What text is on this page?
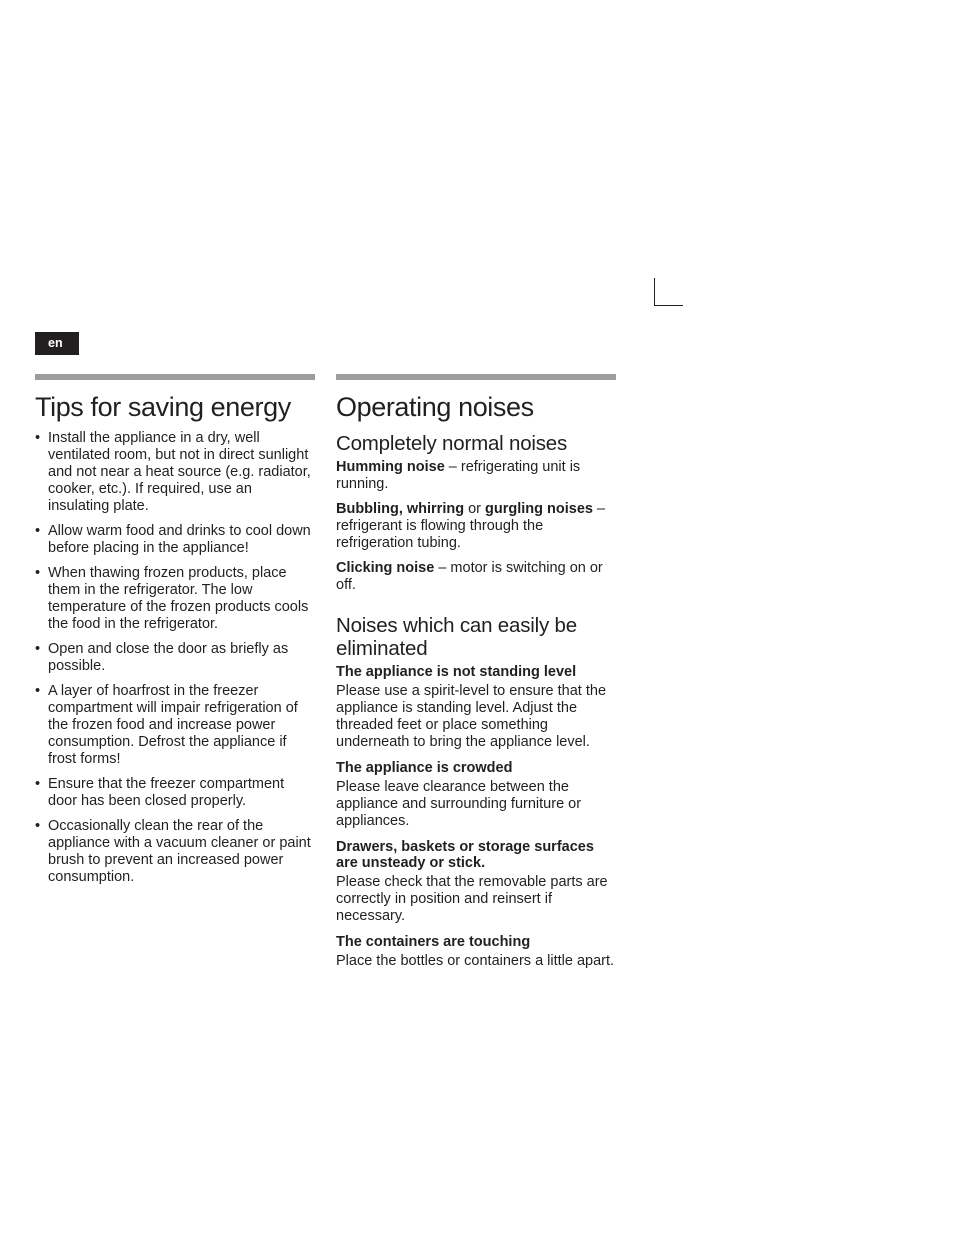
en
Tips for saving energy
• Install the appliance in a dry, well ventilated room, but not in direct sunlight and not near a heat source (e.g. radiator, cooker, etc.). If required, use an insulating plate.
• Allow warm food and drinks to cool down before placing in the appliance!
• When thawing frozen products, place them in the refrigerator. The low temperature of the frozen products cools the food in the refrigerator.
• Open and close the door as briefly as possible.
• A layer of hoarfrost in the freezer compartment will impair refrigeration of the frozen food and increase power consumption. Defrost the appliance if frost forms!
• Ensure that the freezer compartment door has been closed properly.
• Occasionally clean the rear of the appliance with a vacuum cleaner or paint brush to prevent an increased power consumption.
Operating noises
Completely normal noises

Humming noise – refrigerating unit is running.

Bubbling, whirring or gurgling noises – refrigerant is flowing through the refrigeration tubing.

Clicking noise – motor is switching on or off.

Noises which can easily be eliminated

The appliance is not standing level

Please use a spirit-level to ensure that the appliance is standing level. Adjust the threaded feet or place something underneath to bring the appliance level.

The appliance is crowded

Please leave clearance between the appliance and surrounding furniture or appliances.

Drawers, baskets or storage surfaces are unsteady or stick.

Please check that the removable parts are correctly in position and reinsert if necessary.

The containers are touching

Place the bottles or containers a little apart.
